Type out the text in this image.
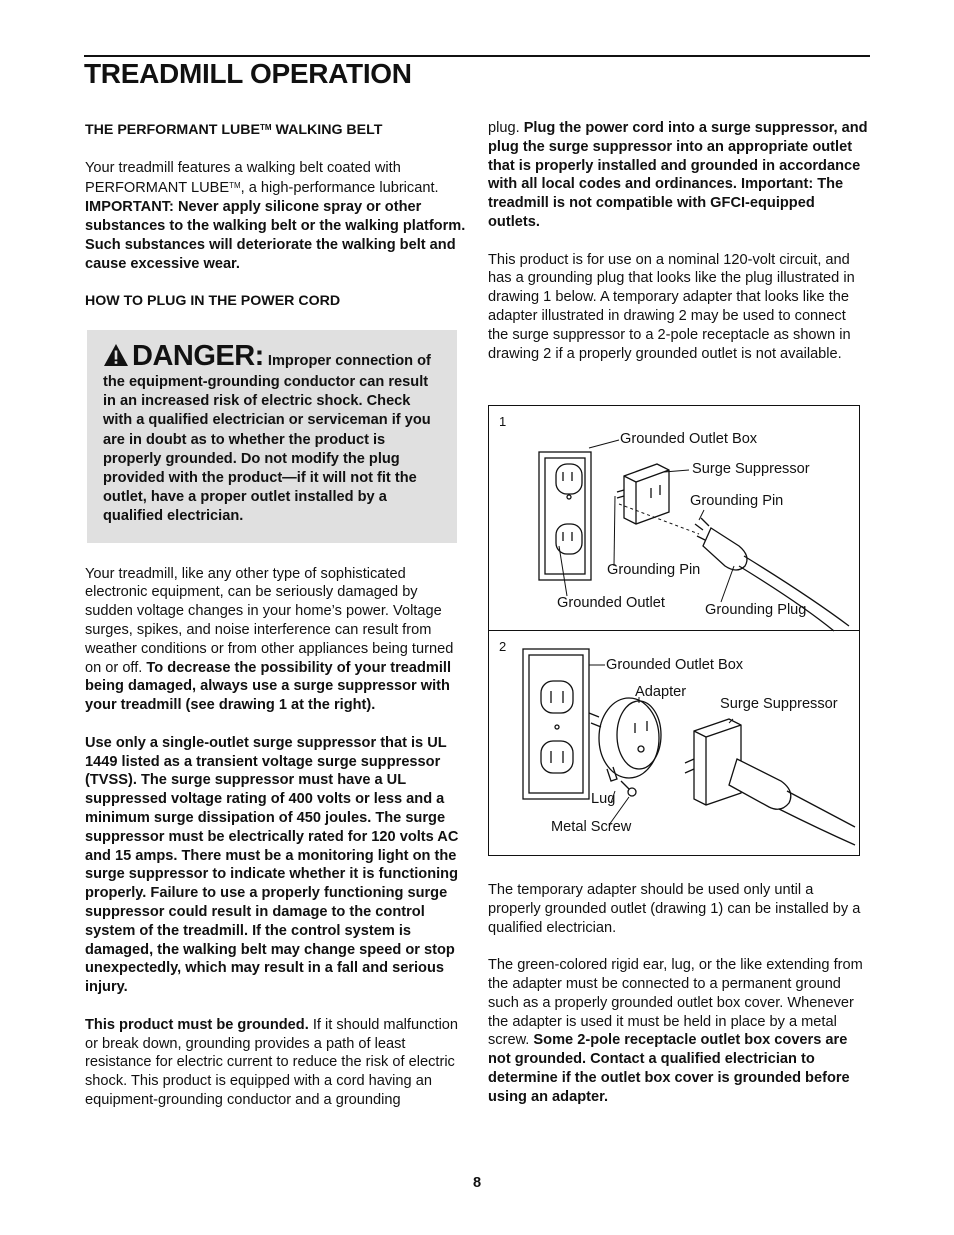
TREADMILL OPERATION

THE PERFORMANT LUBE™ WALKING BELT

Your treadmill features a walking belt coated with PERFORMANT LUBE™, a high-performance lubricant. IMPORTANT: Never apply silicone spray or other substances to the walking belt or the walking platform. Such substances will deteriorate the walking belt and cause excessive wear.

HOW TO PLUG IN THE POWER CORD

DANGER: Improper connection of the equipment-grounding conductor can result in an increased risk of electric shock. Check with a qualified electrician or serviceman if you are in doubt as to whether the product is properly grounded. Do not modify the plug provided with the product—if it will not fit the outlet, have a proper outlet installed by a qualified electrician.

Your treadmill, like any other type of sophisticated electronic equipment, can be seriously damaged by sudden voltage changes in your home’s power. Voltage surges, spikes, and noise interference can result from weather conditions or from other appliances being turned on or off. To decrease the possibility of your treadmill being damaged, always use a surge suppressor with your treadmill (see drawing 1 at the right).

Use only a single-outlet surge suppressor that is UL 1449 listed as a transient voltage surge suppressor (TVSS). The surge suppressor must have a UL suppressed voltage rating of 400 volts or less and a minimum surge dissipation of 450 joules. The surge suppressor must be electrically rated for 120 volts AC and 15 amps. There must be a monitoring light on the surge suppressor to indicate whether it is functioning properly. Failure to use a properly functioning surge suppressor could result in damage to the control system of the treadmill. If the control system is damaged, the walking belt may change speed or stop unexpectedly, which may result in a fall and serious injury.

This product must be grounded. If it should malfunction or break down, grounding provides a path of least resistance for electric current to reduce the risk of electric shock. This product is equipped with a cord having an equipment-grounding conductor and a grounding

plug. Plug the power cord into a surge suppressor, and plug the surge suppressor into an appropriate outlet that is properly installed and grounded in accordance with all local codes and ordinances. Important: The treadmill is not compatible with GFCI-equipped outlets.

This product is for use on a nominal 120-volt circuit, and has a grounding plug that looks like the plug illustrated in drawing 1 below. A temporary adapter that looks like the adapter illustrated in drawing 2 may be used to connect the surge suppressor to a 2-pole receptacle as shown in drawing 2 if a properly grounded outlet is not available.

1
Grounded Outlet Box
Surge Suppressor
Grounding Pin
Grounding Pin
Grounded Outlet	Grounding Plug
2
Grounded Outlet Box
Adapter
Surge Suppressor
Lug
Metal Screw

The temporary adapter should be used only until a properly grounded outlet (drawing 1) can be installed by a qualified electrician.

The green-colored rigid ear, lug, or the like extending from the adapter must be connected to a permanent ground such as a properly grounded outlet box cover. Whenever the adapter is used it must be held in place by a metal screw. Some 2-pole receptacle outlet box covers are not grounded. Contact a qualified electrician to determine if the outlet box cover is grounded before using an adapter.

8
